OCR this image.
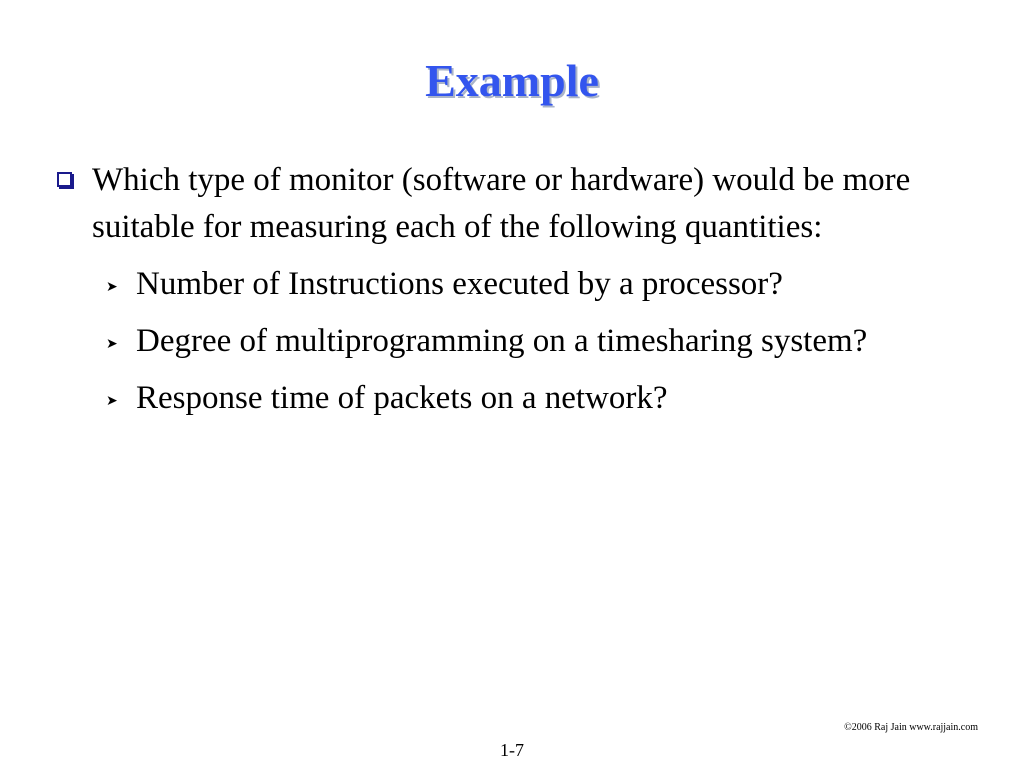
Example
Which type of monitor (software or hardware) would be more suitable for measuring each of the following quantities:
➤ Number of Instructions executed by a processor?
➤ Degree of multiprogramming on a timesharing system?
➤ Response time of packets on a network?
©2006 Raj Jain www.rajjain.com
1-7
